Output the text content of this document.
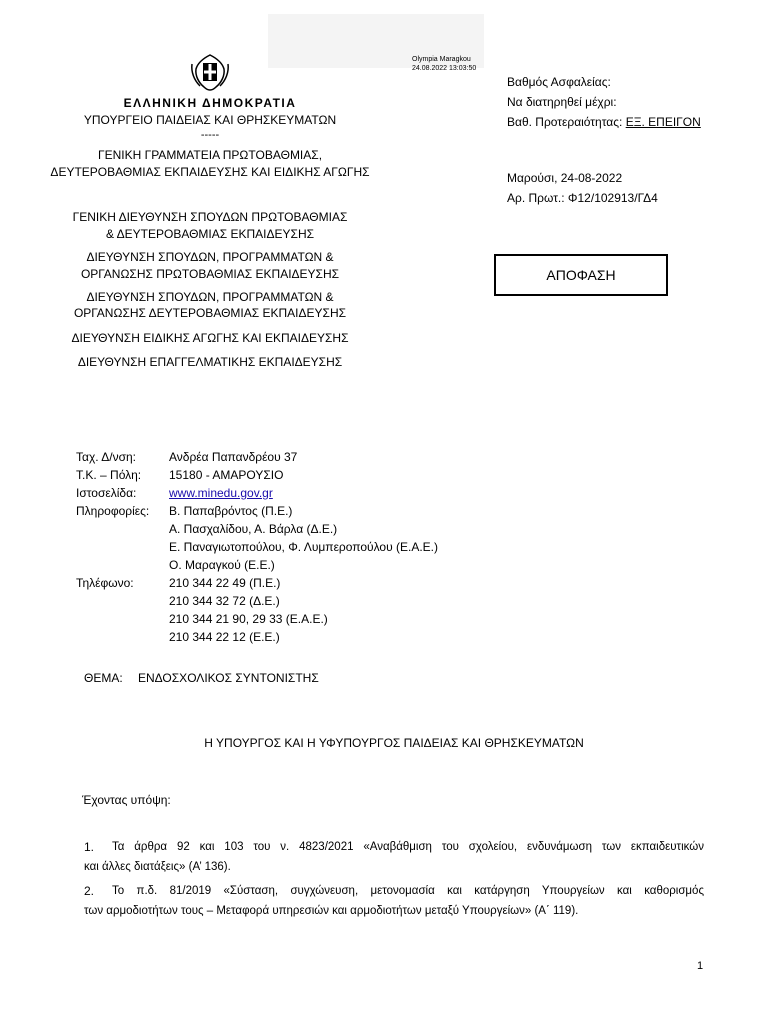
Olympia Maragkou
24.08.2022 13:03:50
ΕΛΛΗΝΙΚΗ ΔΗΜΟΚΡΑΤΙΑ
ΥΠΟΥΡΓΕΙΟ ΠΑΙΔΕΙΑΣ ΚΑΙ ΘΡΗΣΚΕΥΜΑΤΩΝ
-----
ΓΕΝΙΚΗ ΓΡΑΜΜΑΤΕΙΑ ΠΡΩΤΟΒΑΘΜΙΑΣ,
ΔΕΥΤΕΡΟΒΑΘΜΙΑΣ ΕΚΠΑΙΔΕΥΣΗΣ ΚΑΙ ΕΙΔΙΚΗΣ ΑΓΩΓΗΣ
ΓΕΝΙΚΗ ΔΙΕΥΘΥΝΣΗ ΣΠΟΥΔΩΝ ΠΡΩΤΟΒΑΘΜΙΑΣ
& ΔΕΥΤΕΡΟΒΑΘΜΙΑΣ ΕΚΠΑΙΔΕΥΣΗΣ
ΔΙΕΥΘΥΝΣΗ ΣΠΟΥΔΩΝ, ΠΡΟΓΡΑΜΜΑΤΩΝ &
ΟΡΓΑΝΩΣΗΣ ΠΡΩΤΟΒΑΘΜΙΑΣ ΕΚΠΑΙΔΕΥΣΗΣ
ΔΙΕΥΘΥΝΣΗ ΣΠΟΥΔΩΝ, ΠΡΟΓΡΑΜΜΑΤΩΝ &
ΟΡΓΑΝΩΣΗΣ ΔΕΥΤΕΡΟΒΑΘΜΙΑΣ ΕΚΠΑΙΔΕΥΣΗΣ
ΔΙΕΥΘΥΝΣΗ ΕΙΔΙΚΗΣ ΑΓΩΓΗΣ ΚΑΙ ΕΚΠΑΙΔΕΥΣΗΣ
ΔΙΕΥΘΥΝΣΗ ΕΠΑΓΓΕΛΜΑΤΙΚΗΣ ΕΚΠΑΙΔΕΥΣΗΣ
Βαθμός Ασφαλείας:
Να διατηρηθεί μέχρι:
Βαθ. Προτεραιότητας: ΕΞ. ΕΠΕΙΓΟΝ
Μαρούσι, 24-08-2022
Αρ. Πρωτ.: Φ12/102913/ΓΔ4
ΑΠΟΦΑΣΗ
Ταχ. Δ/νση:	Ανδρέα Παπανδρέου 37
Τ.Κ. – Πόλη: 15180 - ΑΜΑΡΟΥΣΙΟ
Ιστοσελίδα:	www.minedu.gov.gr
Πληροφορίες: Β. Παπαβρόντος (Π.Ε.)
Α. Πασχαλίδου, Α. Βάρλα (Δ.Ε.)
Ε. Παναγιωτοπούλου, Φ. Λυμπεροπούλου (Ε.Α.Ε.)
Ο. Μαραγκού (Ε.Ε.)
Τηλέφωνο:	210 344 22 49 (Π.Ε.)
210 344 32 72 (Δ.Ε.)
210 344 21 90, 29 33 (Ε.Α.Ε.)
210 344 22 12 (Ε.Ε.)
ΘΕΜΑ: ΕΝΔΟΣΧΟΛΙΚΟΣ ΣΥΝΤΟΝΙΣΤΗΣ
Η ΥΠΟΥΡΓΟΣ ΚΑΙ Η ΥΦΥΠΟΥΡΓΟΣ ΠΑΙΔΕΙΑΣ ΚΑΙ ΘΡΗΣΚΕΥΜΑΤΩΝ
Έχοντας υπόψη:
1.	Τα άρθρα 92 και 103 του ν. 4823/2021 «Αναβάθμιση του σχολείου, ενδυνάμωση των εκπαιδευτικών
και άλλες διατάξεις» (Α’ 136).
2.	Το π.δ. 81/2019 «Σύσταση, συγχώνευση, μετονομασία και κατάργηση Υπουργείων και καθορισμός
των αρμοδιοτήτων τους – Μεταφορά υπηρεσιών και αρμοδιοτήτων μεταξύ Υπουργείων» (Α΄ 119).
1
